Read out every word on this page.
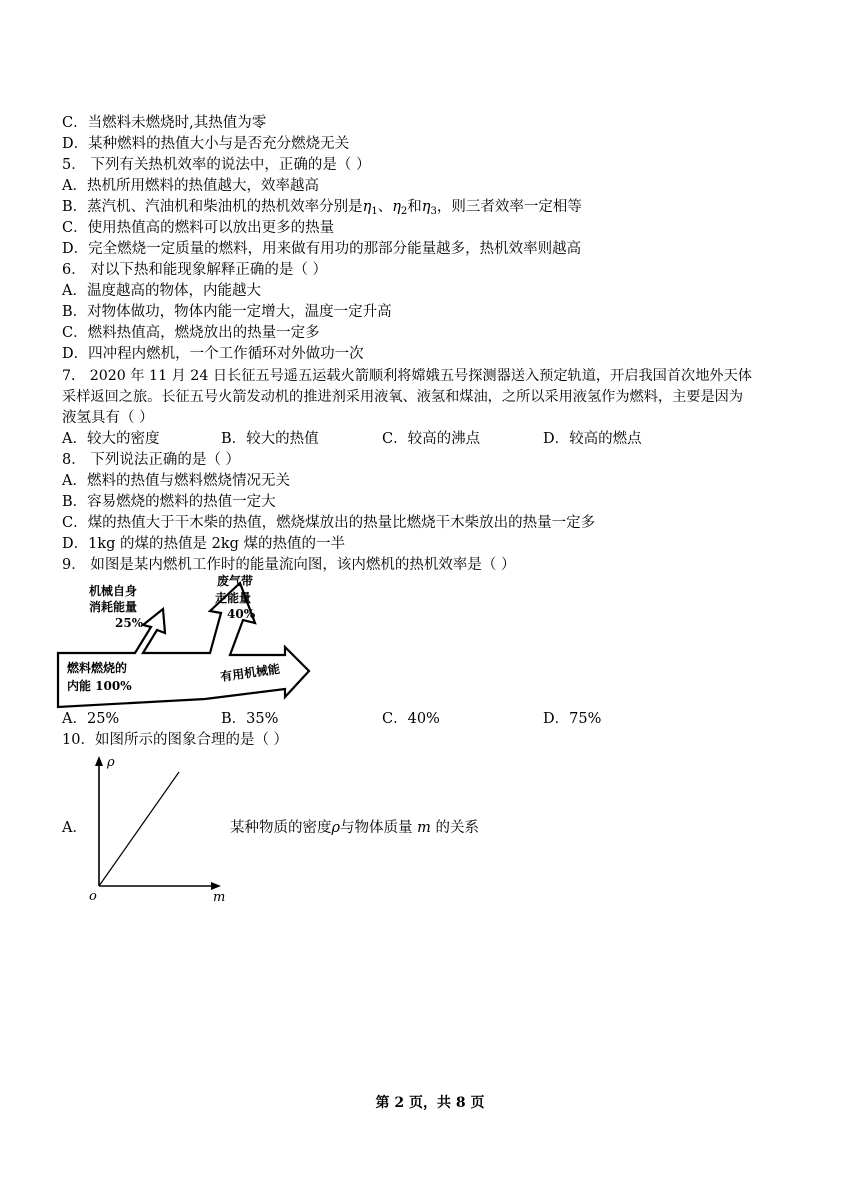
C．当燃料未燃烧时,其热值为零
D．某种燃料的热值大小与是否充分燃烧无关
5． 下列有关热机效率的说法中，正确的是（ ）
A．热机所用燃料的热值越大，效率越高
B．蒸汽机、汽油机和柴油机的热机效率分别是$\eta_1$、$\eta_2$和$\eta_3$，则三者效率一定相等
C．使用热值高的燃料可以放出更多的热量
D．完全燃烧一定质量的燃料，用来做有用功的那部分能量越多，热机效率则越高
6． 对以下热和能现象解释正确的是（ ）
A．温度越高的物体，内能越大
B．对物体做功，物体内能一定增大，温度一定升高
C．燃料热值高，燃烧放出的热量一定多
D．四冲程内燃机，一个工作循环对外做功一次
7． 2020 年 11 月 24 日长征五号遥五运载火箭顺利将嫦娥五号探测器送入预定轨道，开启我国首次地外天体
采样返回之旅。长征五号火箭发动机的推进剂采用液氧、液氢和煤油，之所以采用液氢作为燃料，主要是因为
液氢具有（ ）
A．较大的密度	B．较大的热值	C．较高的沸点	D．较高的燃点
8． 下列说法正确的是（ ）
A．燃料的热值与燃料燃烧情况无关
B．容易燃烧的燃料的热值一定大
C．煤的热值大于干木柴的热值，燃烧煤放出的热量比燃烧干木柴放出的热量一定多
D．1kg 的煤的热值是 2kg 煤的热值的一半
9． 如图是某内燃机工作时的能量流向图，该内燃机的热机效率是（ ）
机械自身
消耗能量
25%
废气带
走能量
40%
燃料燃烧的
内能 100%
有用机械能
A．25%	B．35%	C．40%	D．75%
10．如图所示的图象合理的是（ ）
ρ
m
o
A．	某种物质的密度ρ与物体质量 m 的关系
第 2 页，共 8 页
